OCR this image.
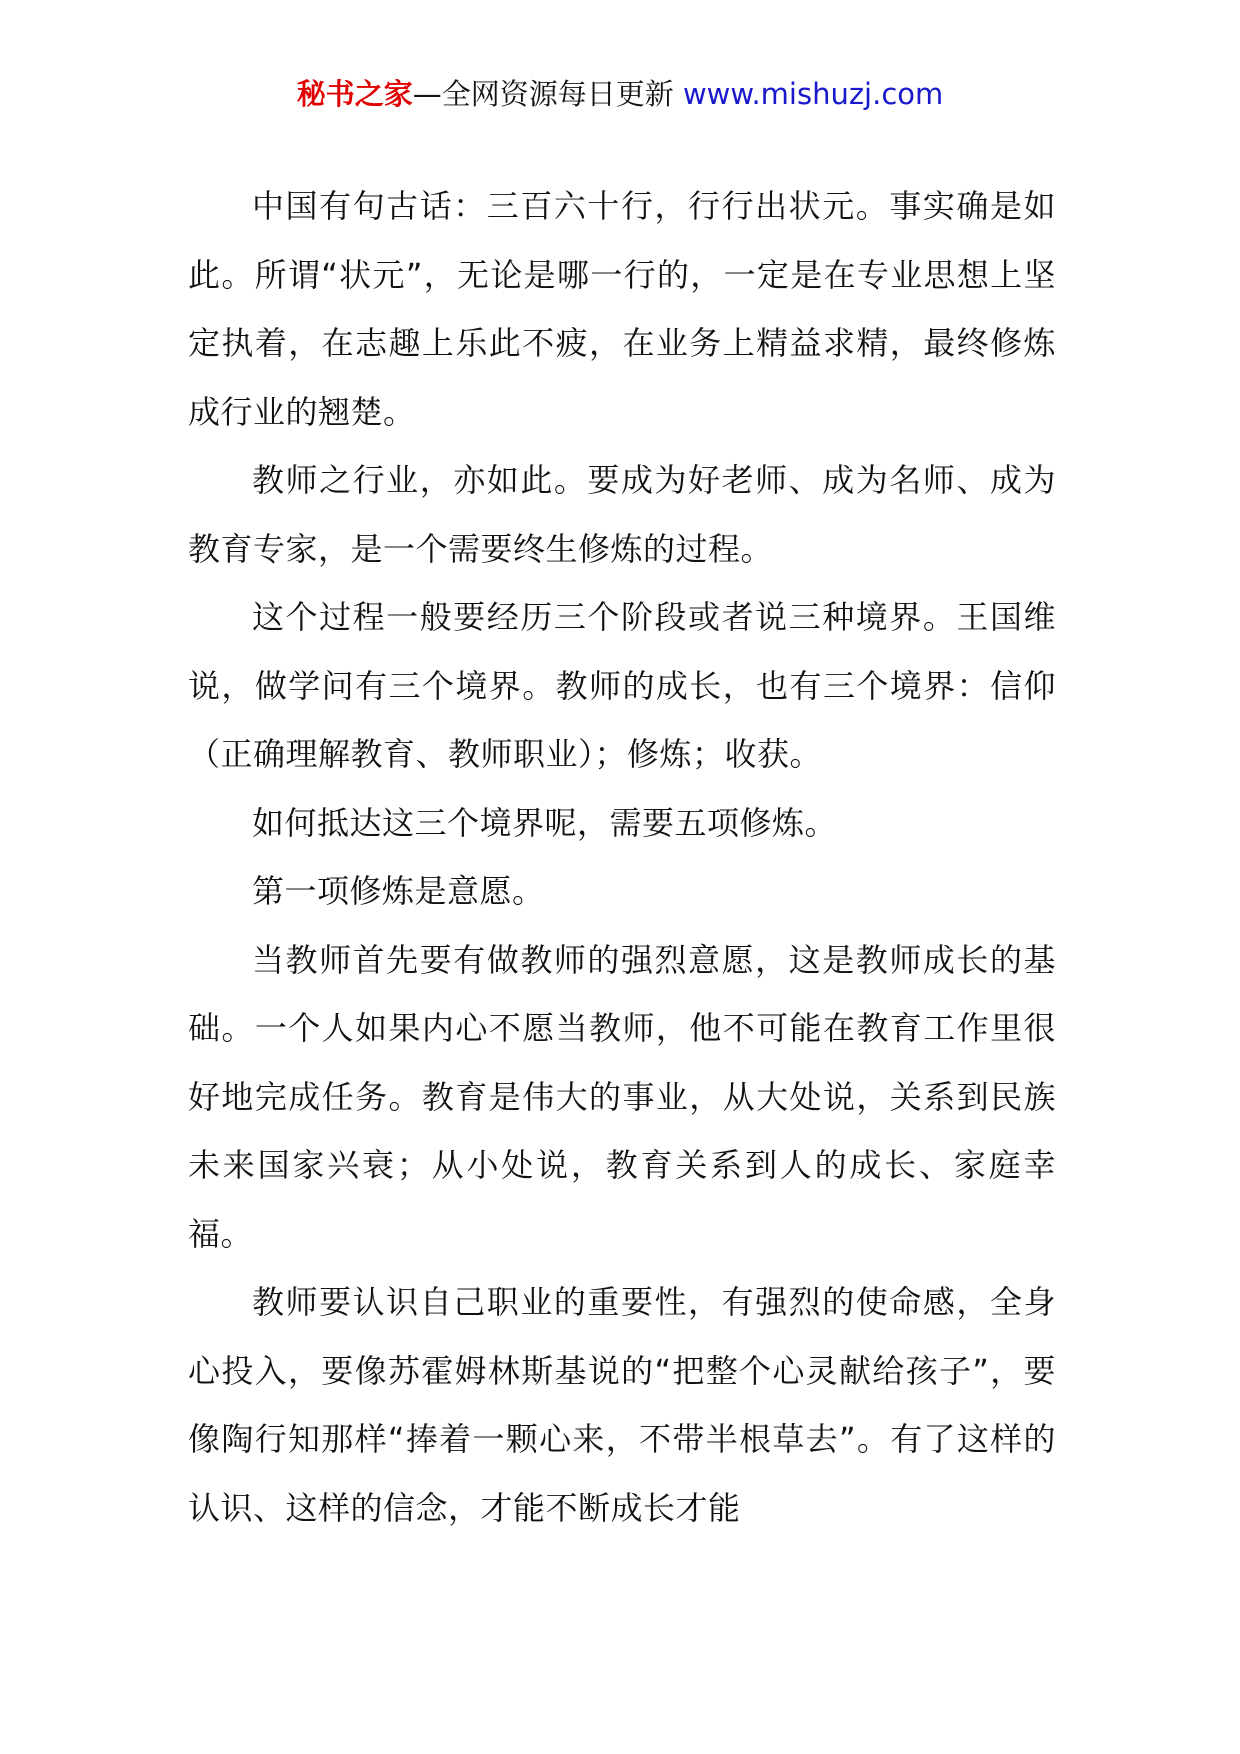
秘书之家—全网资源每日更新 www.mishuzj.com

中国有句古话：三百六十行，行行出状元。事实确是如此。所谓“状元”，无论是哪一行的，一定是在专业思想上坚定执着，在志趣上乐此不疲，在业务上精益求精，最终修炼成行业的翘楚。

教师之行业，亦如此。要成为好老师、成为名师、成为教育专家，是一个需要终生修炼的过程。

这个过程一般要经历三个阶段或者说三种境界。王国维说，做学问有三个境界。教师的成长，也有三个境界：信仰（正确理解教育、教师职业）；修炼；收获。

如何抵达这三个境界呢，需要五项修炼。

第一项修炼是意愿。

当教师首先要有做教师的强烈意愿，这是教师成长的基础。一个人如果内心不愿当教师，他不可能在教育工作里很好地完成任务。教育是伟大的事业，从大处说，关系到民族未来国家兴衰；从小处说，教育关系到人的成长、家庭幸福。

教师要认识自己职业的重要性，有强烈的使命感，全身心投入，要像苏霍姆林斯基说的“把整个心灵献给孩子”，要像陶行知那样“捧着一颗心来，不带半根草去”。有了这样的认识、这样的信念，才能不断成长才能
